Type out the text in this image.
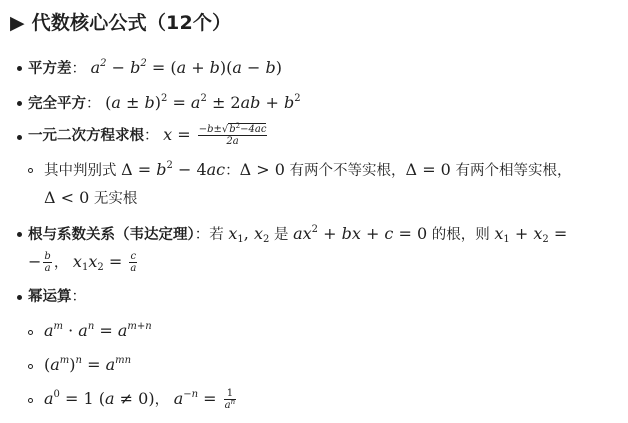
▶ 代数核心公式（12个）
平方差： $a^2 - b^2 = (a + b)(a - b)$
完全平方： $(a \pm b)^2 = a^2 \pm 2ab + b^2$
一元二次方程求根： $x = \frac{-b\pm√b^2-4ac}{2a}$
其中判别式 $\Delta = b^2 - 4ac$：Δ > 0 有两个不等实根，Δ = 0 有两个相等实根，
Δ < 0 无实根
根与系数关系（韦达定理）：若 $x_1$, $x_2$ 是 $ax^2$ + bx + c = 0 的根，则 $x_1 + x_2$ =
− $\frac{b}{a}$ ， $x_1x_2 = \frac{c}{a}$
幂运算：
$a^m \cdot a^n = a^{m+n}$
$(a^m)^n = a^{mn}$
$a^0 = 1$ (a ≠ 0)， $a^{-n} = \frac{1}{a^n}$
